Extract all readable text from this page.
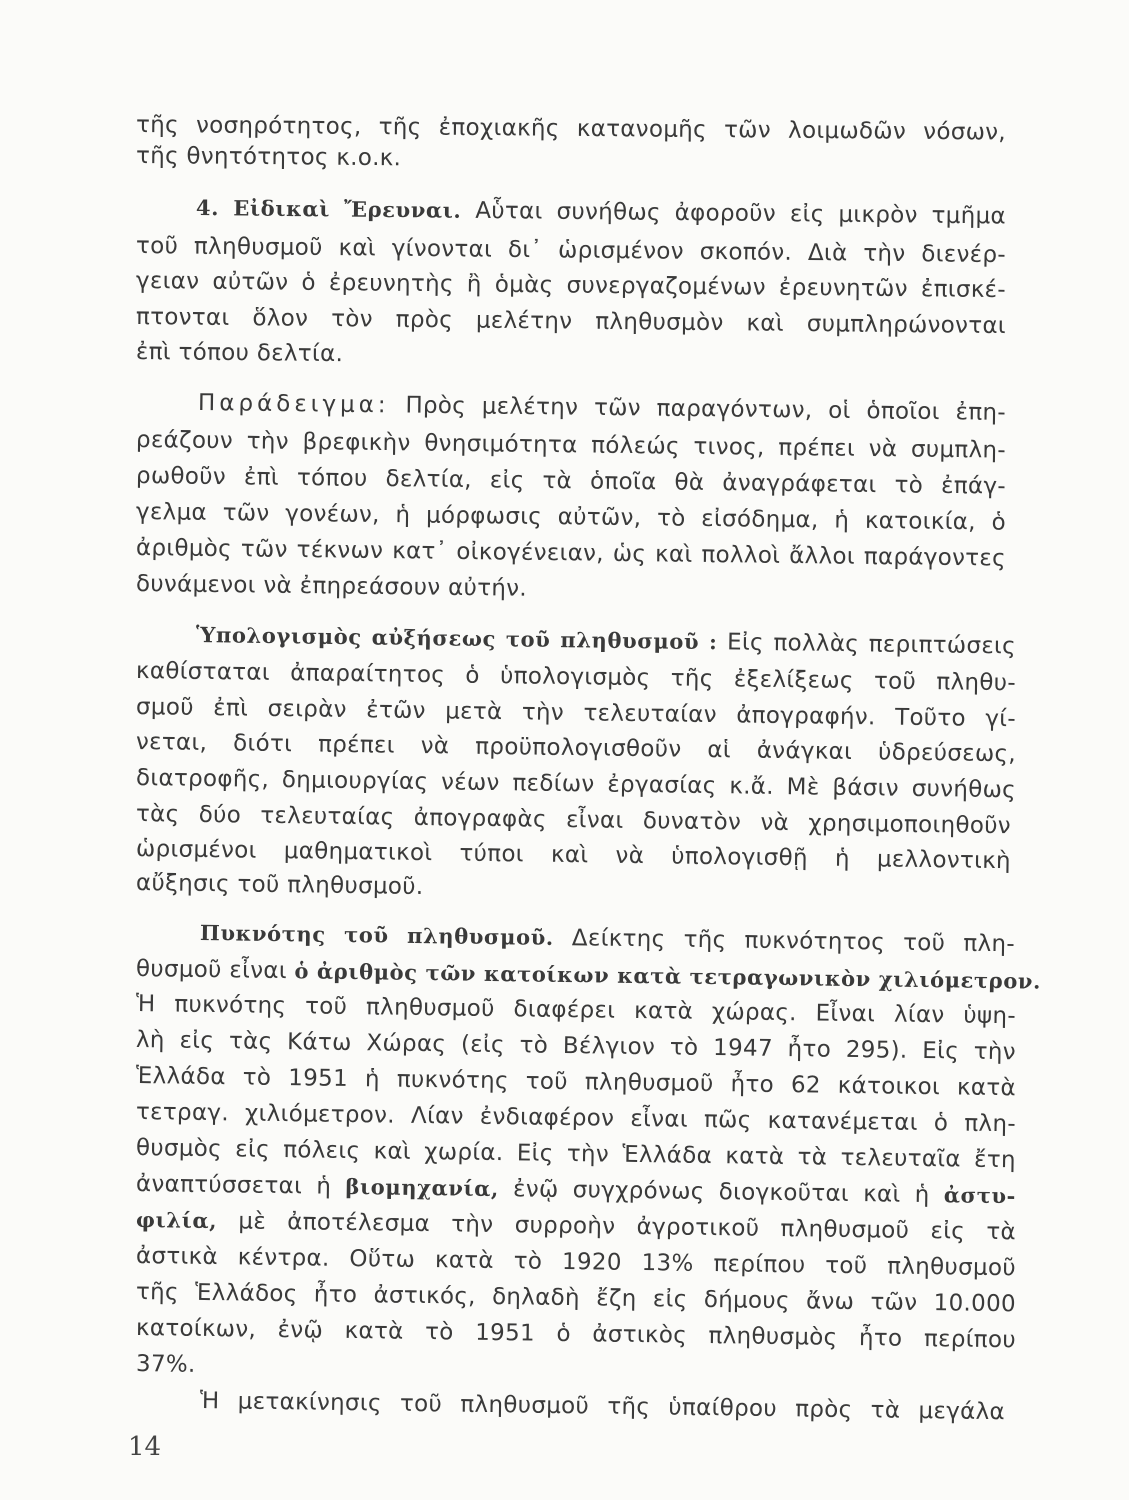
τῆς νοσηρότητος, τῆς ἐποχιακῆς κατανομῆς τῶν λοιμωδῶν νόσων,
τῆς θνητότητος κ.ο.κ.
4. Εἰδικαὶ Ἔρευναι. Αὗται συνήθως ἀφοροῦν εἰς μικρὸν τμῆμα
τοῦ πληθυσμοῦ καὶ γίνονται δι᾽ ὡρισμένον σκοπόν. Διὰ τὴν διενέρ-
γειαν αὐτῶν ὁ ἐρευνητὴς ἢ ὁμὰς συνεργαζομένων ἐρευνητῶν ἐπισκέ-
πτονται ὅλον τὸν πρὸς μελέτην πληθυσμὸν καὶ συμπληρώνονται
ἐπὶ τόπου δελτία.
Παράδειγμα: Πρὸς μελέτην τῶν παραγόντων, οἱ ὁποῖοι ἐπη-
ρεάζουν τὴν βρεφικὴν θνησιμότητα πόλεώς τινος, πρέπει νὰ συμπλη-
ρωθοῦν ἐπὶ τόπου δελτία, εἰς τὰ ὁποῖα θὰ ἀναγράφεται τὸ ἐπάγ-
γελμα τῶν γονέων, ἡ μόρφωσις αὐτῶν, τὸ εἰσόδημα, ἡ κατοικία, ὁ
ἀριθμὸς τῶν τέκνων κατ᾽ οἰκογένειαν, ὡς καὶ πολλοὶ ἄλλοι παράγοντες
δυνάμενοι νὰ ἐπηρεάσουν αὐτήν.
Ὑπολογισμὸς αὐξήσεως τοῦ πληθυσμοῦ : Εἰς πολλὰς περιπτώσεις
καθίσταται ἀπαραίτητος ὁ ὑπολογισμὸς τῆς ἐξελίξεως τοῦ πληθυ-
σμοῦ ἐπὶ σειρὰν ἐτῶν μετὰ τὴν τελευταίαν ἀπογραφήν. Τοῦτο γί-
νεται, διότι πρέπει νὰ προϋπολογισθοῦν αἱ ἀνάγκαι ὑδρεύσεως,
διατροφῆς, δημιουργίας νέων πεδίων ἐργασίας κ.ἄ. Μὲ βάσιν συνήθως
τὰς δύο τελευταίας ἀπογραφὰς εἶναι δυνατὸν νὰ χρησιμοποιηθοῦν
ὡρισμένοι μαθηματικοὶ τύποι καὶ νὰ ὑπολογισθῇ ἡ μελλοντικὴ
αὔξησις τοῦ πληθυσμοῦ.
Πυκνότης τοῦ πληθυσμοῦ. Δείκτης τῆς πυκνότητος τοῦ πλη-
θυσμοῦ εἶναι ὁ ἀριθμὸς τῶν κατοίκων κατὰ τετραγωνικὸν χιλιόμετρον.
Ἡ πυκνότης τοῦ πληθυσμοῦ διαφέρει κατὰ χώρας. Εἶναι λίαν ὑψη-
λὴ εἰς τὰς Κάτω Χώρας (εἰς τὸ Βέλγιον τὸ 1947 ἦτο 295). Εἰς τὴν
Ἑλλάδα τὸ 1951 ἡ πυκνότης τοῦ πληθυσμοῦ ἦτο 62 κάτοικοι κατὰ
τετραγ. χιλιόμετρον. Λίαν ἐνδιαφέρον εἶναι πῶς κατανέμεται ὁ πλη-
θυσμὸς εἰς πόλεις καὶ χωρία. Εἰς τὴν Ἑλλάδα κατὰ τὰ τελευταῖα ἔτη
ἀναπτύσσεται ἡ βιομηχανία, ἐνῷ συγχρόνως διογκοῦται καὶ ἡ ἀστυ-
φιλία, μὲ ἀποτέλεσμα τὴν συρροὴν ἀγροτικοῦ πληθυσμοῦ εἰς τὰ
ἀστικὰ κέντρα. Οὕτω κατὰ τὸ 1920 13% περίπου τοῦ πληθυσμοῦ
τῆς Ἑλλάδος ἦτο ἀστικός, δηλαδὴ ἔζη εἰς δήμους ἄνω τῶν 10.000
κατοίκων, ἐνῷ κατὰ τὸ 1951 ὁ ἀστικὸς πληθυσμὸς ἦτο περίπου
37%.
Ἡ μετακίνησις τοῦ πληθυσμοῦ τῆς ὑπαίθρου πρὸς τὰ μεγάλα
14
